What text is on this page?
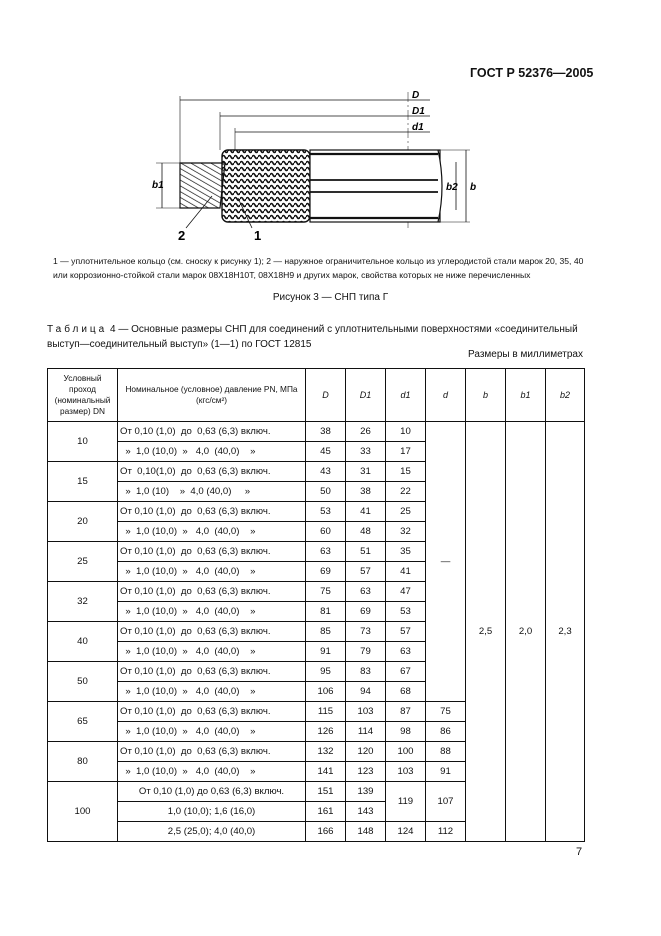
ГОСТ Р 52376—2005
D
D1
d1
b2 b
b1
2	1
1 — уплотнительное кольцо (см. сноску к рисунку 1); 2 — наружное ограничительное кольцо из углеродистой стали марок 20, 35, 40 или коррозионно-стойкой стали марок 08Х18Н10Т, 08Х18Н9 и других марок, свойства которых не ниже перечисленных
Рисунок 3 — СНП типа Г
Таблица 4 — Основные размеры СНП для соединений с уплотнительными поверхностями «соединительный выступ—соединительный выступ» (1—1) по ГОСТ 12815
Размеры в миллиметрах
Условный проход (номинальный размер) DN	Номинальное (условное) давление PN, МПа (кгс/см²)	D	D1	d1	d	b	b1	b2
10	От 0,10 (1,0)  до  0,63 (6,3) включ.	38	26	10	—	2,5	2,0	2,3
	»  1,0 (10,0)  »   4,0  (40,0)    »	45	33	17				
15	От  0,10(1,0)  до  0,63 (6,3) включ.	43	31	15				
	»  1,0 (10)    »  4,0 (40,0)     »	50	38	22				
20	От 0,10 (1,0)  до  0,63 (6,3) включ.	53	41	25				
	»  1,0 (10,0)  »   4,0  (40,0)    »	60	48	32				
25	От 0,10 (1,0)  до  0,63 (6,3) включ.	63	51	35				
	»  1,0 (10,0)  »   4,0  (40,0)    »	69	57	41				
32	От 0,10 (1,0)  до  0,63 (6,3) включ.	75	63	47				
	»  1,0 (10,0)  »   4,0  (40,0)    »	81	69	53				
40	От 0,10 (1,0)  до  0,63 (6,3) включ.	85	73	57				
	»  1,0 (10,0)  »   4,0  (40,0)    »	91	79	63				
50	От 0,10 (1,0)  до  0,63 (6,3) включ.	95	83	67				
	»  1,0 (10,0)  »   4,0  (40,0)    »	106	94	68				
65	От 0,10 (1,0)  до  0,63 (6,3) включ.	115	103	87	75			
	»  1,0 (10,0)  »   4,0  (40,0)    »	126	114	98	86			
80	От 0,10 (1,0)  до  0,63 (6,3) включ.	132	120	100	88			
	»  1,0 (10,0)  »   4,0  (40,0)    »	141	123	103	91			
100	От 0,10 (1,0) до 0,63 (6,3) включ.	151	139	119	107			
	1,0 (10,0); 1,6 (16,0)	161	143					
	2,5 (25,0); 4,0 (40,0)	166	148	124	112			
7
